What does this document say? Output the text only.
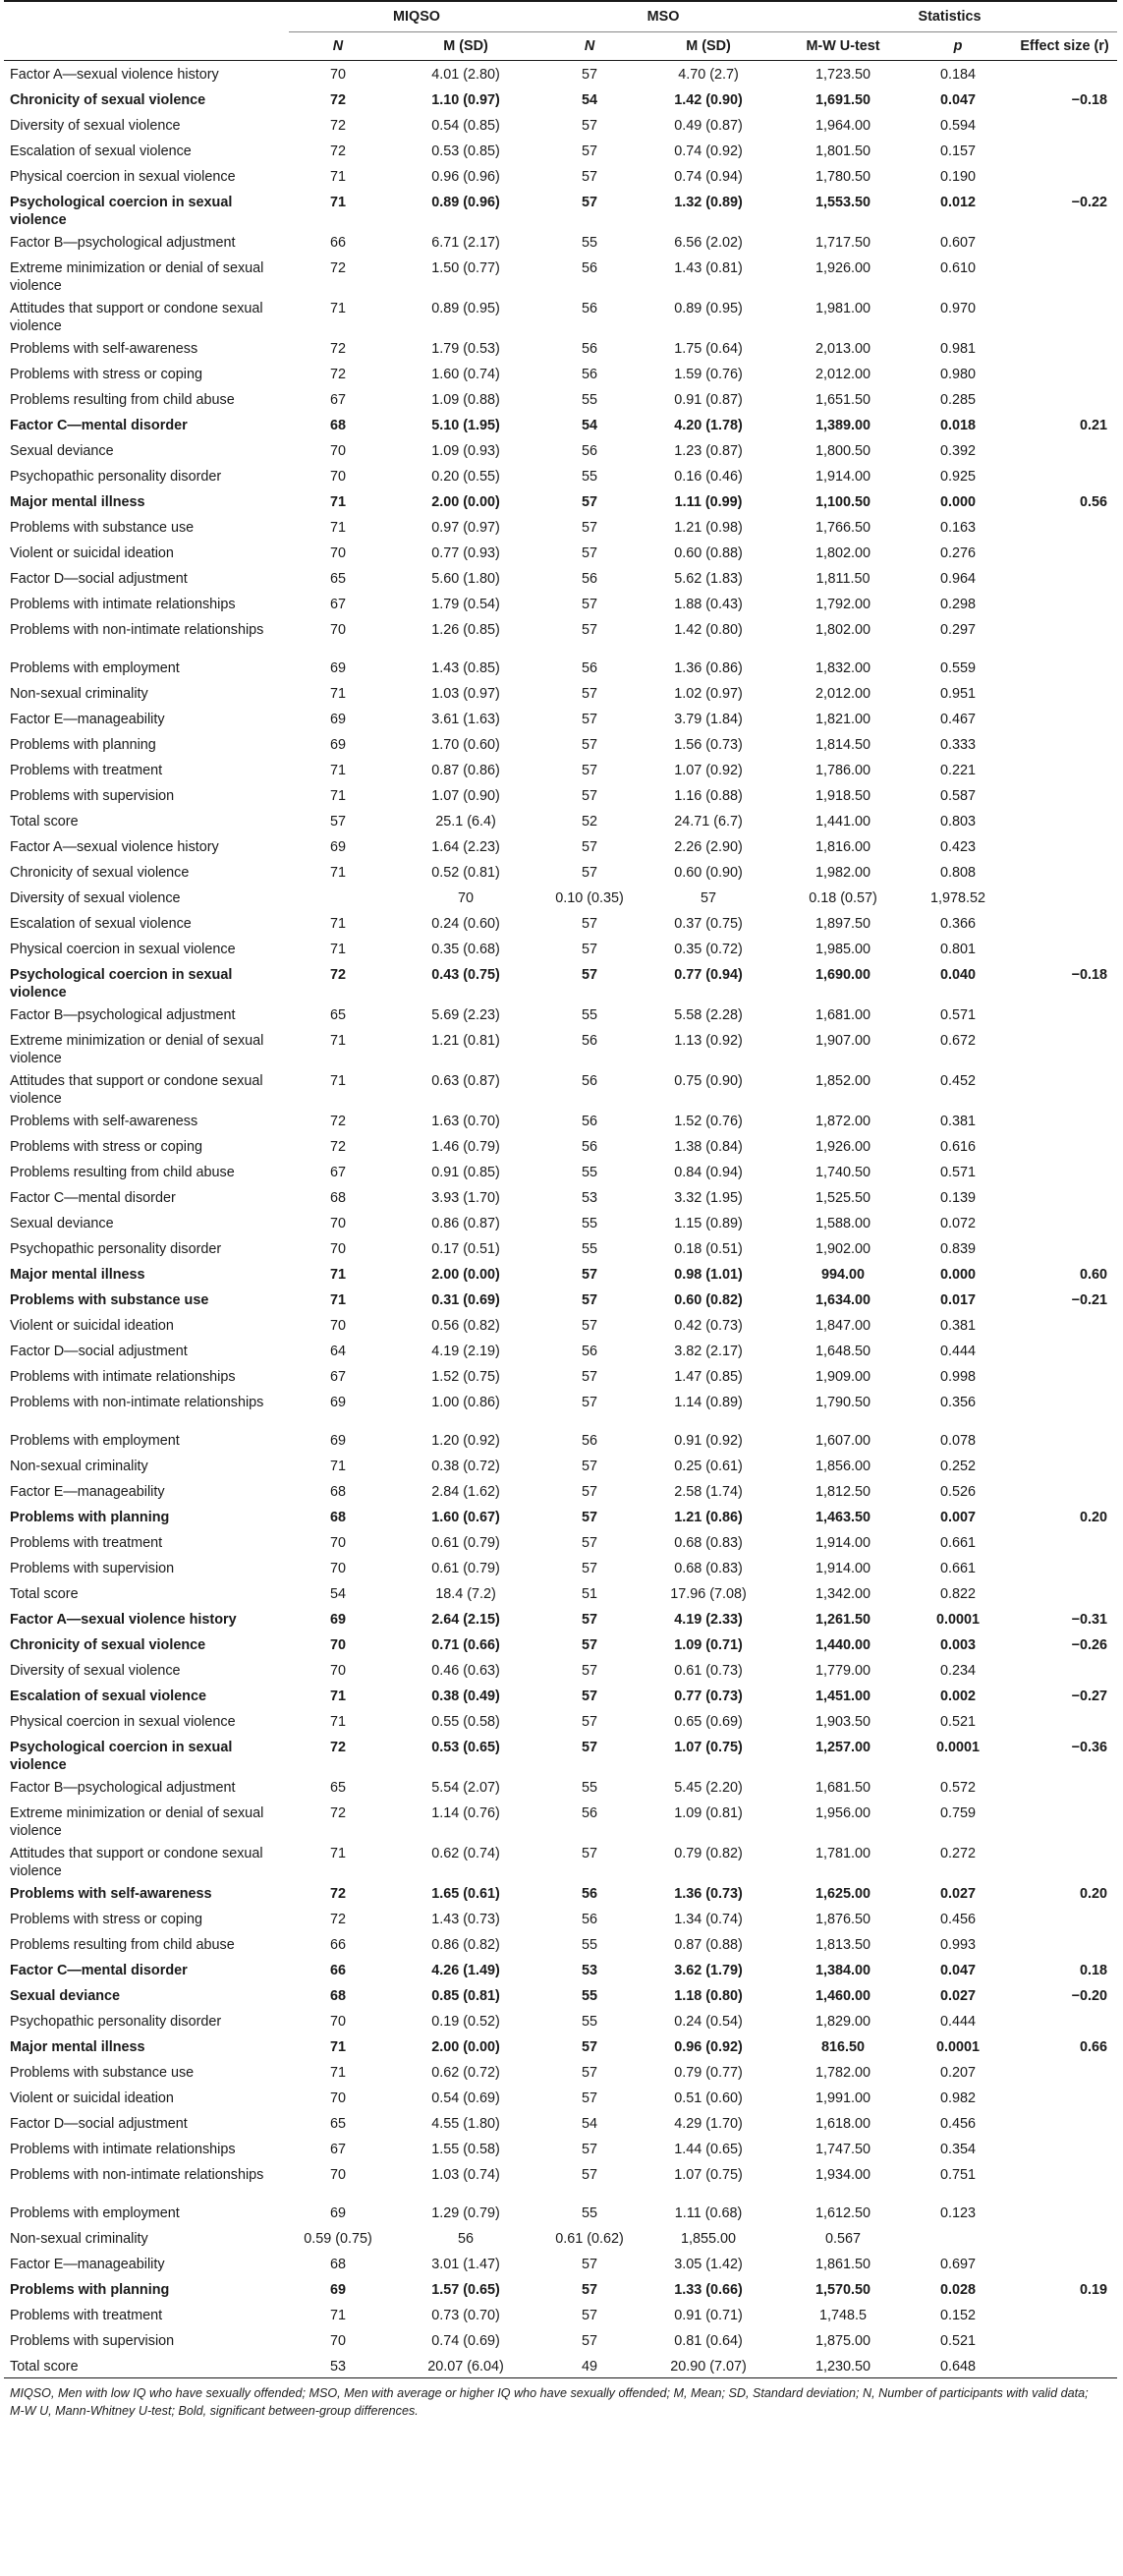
	MIQSO		MSO		Statistics		
	N	M (SD)	N	M (SD)	M-W U-test	p	Effect size (r)
Factor A—sexual violence history	70	4.01 (2.80)	57	4.70 (2.7)	1,723.50	0.184	
Chronicity of sexual violence	72	1.10 (0.97)	54	1.42 (0.90)	1,691.50	0.047	−0.18
Diversity of sexual violence	72	0.54 (0.85)	57	0.49 (0.87)	1,964.00	0.594	
Escalation of sexual violence	72	0.53 (0.85)	57	0.74 (0.92)	1,801.50	0.157	
Physical coercion in sexual violence	71	0.96 (0.96)	57	0.74 (0.94)	1,780.50	0.190	
Psychological coercion in sexual violence	71	0.89 (0.96)	57	1.32 (0.89)	1,553.50	0.012	−0.22
Factor B—psychological adjustment	66	6.71 (2.17)	55	6.56 (2.02)	1,717.50	0.607	
Extreme minimization or denial of sexual violence	72	1.50 (0.77)	56	1.43 (0.81)	1,926.00	0.610	
Attitudes that support or condone sexual violence	71	0.89 (0.95)	56	0.89 (0.95)	1,981.00	0.970	
Problems with self-awareness	72	1.79 (0.53)	56	1.75 (0.64)	2,013.00	0.981	
Problems with stress or coping	72	1.60 (0.74)	56	1.59 (0.76)	2,012.00	0.980	
Problems resulting from child abuse	67	1.09 (0.88)	55	0.91 (0.87)	1,651.50	0.285	
Factor C—mental disorder	68	5.10 (1.95)	54	4.20 (1.78)	1,389.00	0.018	0.21
Sexual deviance	70	1.09 (0.93)	56	1.23 (0.87)	1,800.50	0.392	
Psychopathic personality disorder	70	0.20 (0.55)	55	0.16 (0.46)	1,914.00	0.925	
Major mental illness	71	2.00 (0.00)	57	1.11 (0.99)	1,100.50	0.000	0.56
Problems with substance use	71	0.97 (0.97)	57	1.21 (0.98)	1,766.50	0.163	
Violent or suicidal ideation	70	0.77 (0.93)	57	0.60 (0.88)	1,802.00	0.276	
Factor D—social adjustment	65	5.60 (1.80)	56	5.62 (1.83)	1,811.50	0.964	
Problems with intimate relationships	67	1.79 (0.54)	57	1.88 (0.43)	1,792.00	0.298	
Problems with non-intimate relationships	70	1.26 (0.85)	57	1.42 (0.80)	1,802.00	0.297	
Problems with employment	69	1.43 (0.85)	56	1.36 (0.86)	1,832.00	0.559	
Non-sexual criminality	71	1.03 (0.97)	57	1.02 (0.97)	2,012.00	0.951	
Factor E—manageability	69	3.61 (1.63)	57	3.79 (1.84)	1,821.00	0.467	
Problems with planning	69	1.70 (0.60)	57	1.56 (0.73)	1,814.50	0.333	
Problems with treatment	71	0.87 (0.86)	57	1.07 (0.92)	1,786.00	0.221	
Problems with supervision	71	1.07 (0.90)	57	1.16 (0.88)	1,918.50	0.587	
Total score	57	25.1 (6.4)	52	24.71 (6.7)	1,441.00	0.803	
Factor A—sexual violence history	69	1.64 (2.23)	57	2.26 (2.90)	1,816.00	0.423	
Chronicity of sexual violence	71	0.52 (0.81)	57	0.60 (0.90)	1,982.00	0.808	
Diversity of sexual violence		70	0.10 (0.35)	57	0.18 (0.57)	1,978.52	
Escalation of sexual violence	71	0.24 (0.60)	57	0.37 (0.75)	1,897.50	0.366	
Physical coercion in sexual violence	71	0.35 (0.68)	57	0.35 (0.72)	1,985.00	0.801	
Psychological coercion in sexual violence	72	0.43 (0.75)	57	0.77 (0.94)	1,690.00	0.040	−0.18
Factor B—psychological adjustment	65	5.69 (2.23)	55	5.58 (2.28)	1,681.00	0.571	
Extreme minimization or denial of sexual violence	71	1.21 (0.81)	56	1.13 (0.92)	1,907.00	0.672	
Attitudes that support or condone sexual violence	71	0.63 (0.87)	56	0.75 (0.90)	1,852.00	0.452	
Problems with self-awareness	72	1.63 (0.70)	56	1.52 (0.76)	1,872.00	0.381	
Problems with stress or coping	72	1.46 (0.79)	56	1.38 (0.84)	1,926.00	0.616	
Problems resulting from child abuse	67	0.91 (0.85)	55	0.84 (0.94)	1,740.50	0.571	
Factor C—mental disorder	68	3.93 (1.70)	53	3.32 (1.95)	1,525.50	0.139	
Sexual deviance	70	0.86 (0.87)	55	1.15 (0.89)	1,588.00	0.072	
Psychopathic personality disorder	70	0.17 (0.51)	55	0.18 (0.51)	1,902.00	0.839	
Major mental illness	71	2.00 (0.00)	57	0.98 (1.01)	994.00	0.000	0.60
Problems with substance use	71	0.31 (0.69)	57	0.60 (0.82)	1,634.00	0.017	−0.21
Violent or suicidal ideation	70	0.56 (0.82)	57	0.42 (0.73)	1,847.00	0.381	
Factor D—social adjustment	64	4.19 (2.19)	56	3.82 (2.17)	1,648.50	0.444	
Problems with intimate relationships	67	1.52 (0.75)	57	1.47 (0.85)	1,909.00	0.998	
Problems with non-intimate relationships	69	1.00 (0.86)	57	1.14 (0.89)	1,790.50	0.356	
Problems with employment	69	1.20 (0.92)	56	0.91 (0.92)	1,607.00	0.078	
Non-sexual criminality	71	0.38 (0.72)	57	0.25 (0.61)	1,856.00	0.252	
Factor E—manageability	68	2.84 (1.62)	57	2.58 (1.74)	1,812.50	0.526	
Problems with planning	68	1.60 (0.67)	57	1.21 (0.86)	1,463.50	0.007	0.20
Problems with treatment	70	0.61 (0.79)	57	0.68 (0.83)	1,914.00	0.661	
Problems with supervision	70	0.61 (0.79)	57	0.68 (0.83)	1,914.00	0.661	
Total score	54	18.4 (7.2)	51	17.96 (7.08)	1,342.00	0.822	
Factor A—sexual violence history	69	2.64 (2.15)	57	4.19 (2.33)	1,261.50	0.0001	−0.31
Chronicity of sexual violence	70	0.71 (0.66)	57	1.09 (0.71)	1,440.00	0.003	−0.26
Diversity of sexual violence	70	0.46 (0.63)	57	0.61 (0.73)	1,779.00	0.234	
Escalation of sexual violence	71	0.38 (0.49)	57	0.77 (0.73)	1,451.00	0.002	−0.27
Physical coercion in sexual violence	71	0.55 (0.58)	57	0.65 (0.69)	1,903.50	0.521	
Psychological coercion in sexual violence	72	0.53 (0.65)	57	1.07 (0.75)	1,257.00	0.0001	−0.36
Factor B—psychological adjustment	65	5.54 (2.07)	55	5.45 (2.20)	1,681.50	0.572	
Extreme minimization or denial of sexual violence	72	1.14 (0.76)	56	1.09 (0.81)	1,956.00	0.759	
Attitudes that support or condone sexual violence	71	0.62 (0.74)	57	0.79 (0.82)	1,781.00	0.272	
Problems with self-awareness	72	1.65 (0.61)	56	1.36 (0.73)	1,625.00	0.027	0.20
Problems with stress or coping	72	1.43 (0.73)	56	1.34 (0.74)	1,876.50	0.456	
Problems resulting from child abuse	66	0.86 (0.82)	55	0.87 (0.88)	1,813.50	0.993	
Factor C—mental disorder	66	4.26 (1.49)	53	3.62 (1.79)	1,384.00	0.047	0.18
Sexual deviance	68	0.85 (0.81)	55	1.18 (0.80)	1,460.00	0.027	−0.20
Psychopathic personality disorder	70	0.19 (0.52)	55	0.24 (0.54)	1,829.00	0.444	
Major mental illness	71	2.00 (0.00)	57	0.96 (0.92)	816.50	0.0001	0.66
Problems with substance use	71	0.62 (0.72)	57	0.79 (0.77)	1,782.00	0.207	
Violent or suicidal ideation	70	0.54 (0.69)	57	0.51 (0.60)	1,991.00	0.982	
Factor D—social adjustment	65	4.55 (1.80)	54	4.29 (1.70)	1,618.00	0.456	
Problems with intimate relationships	67	1.55 (0.58)	57	1.44 (0.65)	1,747.50	0.354	
Problems with non-intimate relationships	70	1.03 (0.74)	57	1.07 (0.75)	1,934.00	0.751	
Problems with employment	69	1.29 (0.79)	55	1.11 (0.68)	1,612.50	0.123	
Non-sexual criminality	0.59 (0.75)	56	0.61 (0.62)	1,855.00	0.567		
Factor E—manageability	68	3.01 (1.47)	57	3.05 (1.42)	1,861.50	0.697	
Problems with planning	69	1.57 (0.65)	57	1.33 (0.66)	1,570.50	0.028	0.19
Problems with treatment	71	0.73 (0.70)	57	0.91 (0.71)	1,748.5	0.152	
Problems with supervision	70	0.74 (0.69)	57	0.81 (0.64)	1,875.00	0.521	
Total score	53	20.07 (6.04)	49	20.90 (7.07)	1,230.50	0.648	
MIQSO, Men with low IQ who have sexually offended; MSO, Men with average or higher IQ who have sexually offended; M, Mean; SD, Standard deviation; N, Number of participants with valid data; M-W U, Mann-Whitney U-test; Bold, significant between-group differences.
